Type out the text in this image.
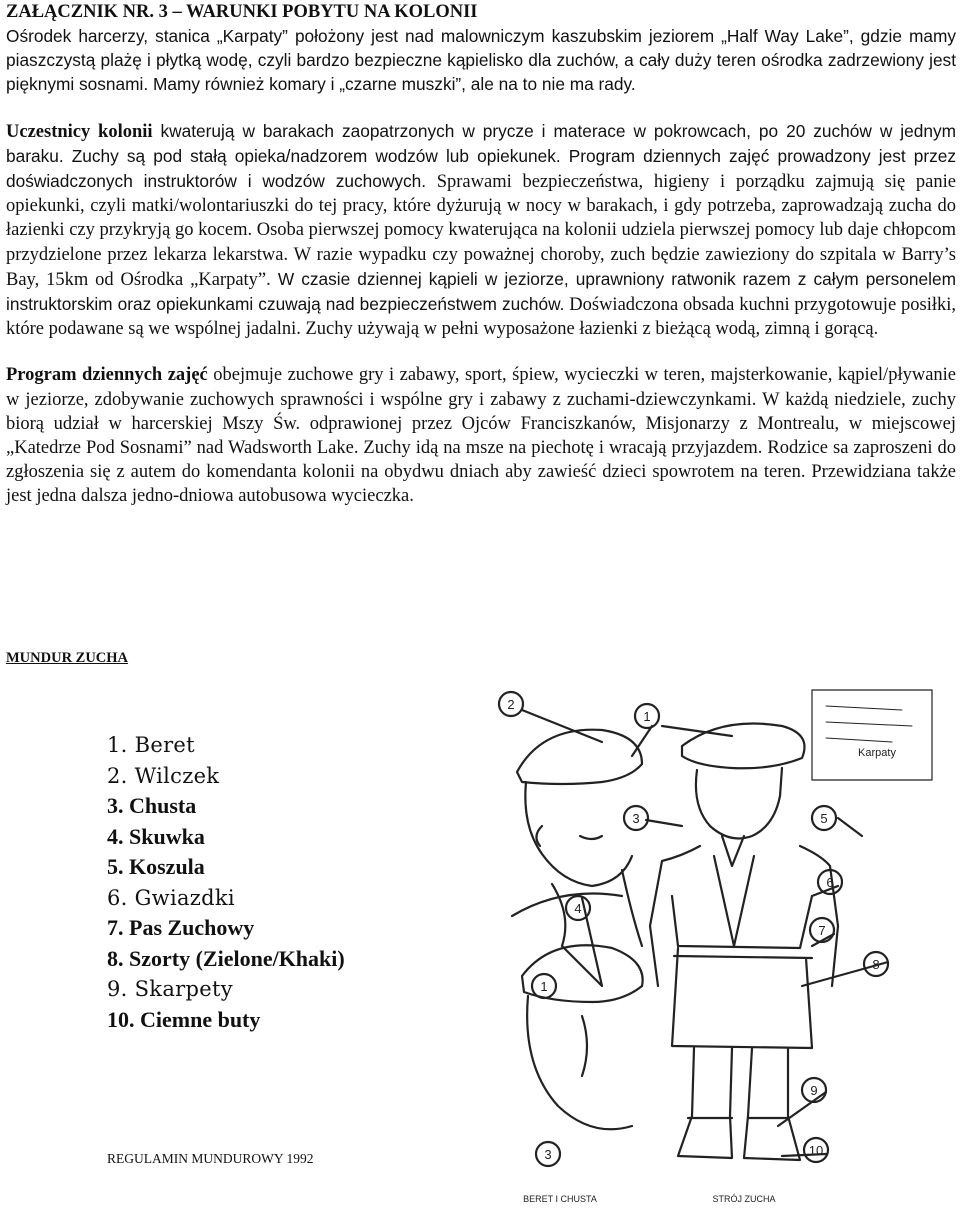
ZAŁĄCZNIK NR. 3 – WARUNKI POBYTU NA KOLONII

Ośrodek harcerzy, stanica „Karpaty” położony jest nad malowniczym kaszubskim jeziorem „Half Way Lake”, gdzie mamy piaszczystą plażę i płytką wodę, czyli bardzo bezpieczne kąpielisko dla zuchów, a cały duży teren ośrodka zadrzewiony jest pięknymi sosnami. Mamy również komary i „czarne muszki”, ale na to nie ma rady.

Uczestnicy kolonii kwaterują w barakach zaopatrzonych w prycze i materace w pokrowcach, po 20 zuchów w jednym baraku. Zuchy są pod stałą opieka/nadzorem wodzów lub opiekunek. Program dziennych zajęć prowadzony jest przez doświadczonych instruktorów i wodzów zuchowych. Sprawami bezpieczeństwa, higieny i porządku zajmują się panie opiekunki, czyli matki/wolontariuszki do tej pracy, które dyżurują w nocy w barakach, i gdy potrzeba, zaprowadzają zucha do łazienki czy przykryją go kocem. Osoba pierwszej pomocy kwaterująca na kolonii udziela pierwszej pomocy lub daje chłopcom przydzielone przez lekarza lekarstwa. W razie wypadku czy poważnej choroby, zuch będzie zawieziony do szpitala w Barry’s Bay, 15km od Ośrodka „Karpaty”. W czasie dziennej kąpieli w jeziorze, uprawniony ratwonik razem z całym personelem instruktorskim oraz opiekunkami czuwają nad bezpieczeństwem zuchów. Doświadczona obsada kuchni przygotowuje posiłki, które podawane są we wspólnej jadalni. Zuchy używają w pełni wyposażone łazienki z bieżącą wodą, zimną i gorącą.

Program dziennych zajęć obejmuje zuchowe gry i zabawy, sport, śpiew, wycieczki w teren, majsterkowanie, kąpiel/pływanie w jeziorze, zdobywanie zuchowych sprawności i wspólne gry i zabawy z zuchami-dziewczynkami. W każdą niedziele, zuchy biorą udział w harcerskiej Mszy Św. odprawionej przez Ojców Franciszkanów, Misjonarzy z Montrealu, w miejscowej „Katedrze Pod Sosnami” nad Wadsworth Lake. Zuchy idą na msze na piechotę i wracają przyjazdem. Rodzice sa zaproszeni do zgłoszenia się z autem do komendanta kolonii na obydwu dniach aby zawieść dzieci spowrotem na teren. Przewidziana także jest jedna dalsza jedno-dniowa autobusowa wycieczka.

MUNDUR ZUCHA
1. Beret
2. Wilczek
3. Chusta
4. Skuwka
5. Koszula
6. Gwiazdki
7. Pas Zuchowy
8. Szorty (Zielone/Khaki)
9. Skarpety
10. Ciemne buty
REGULAMIN MUNDUROWY 1992
2
1
3
4
5
6
7
1
8
9
3	10
Karpaty
BERET I CHUSTA	STRÓJ ZUCHA
